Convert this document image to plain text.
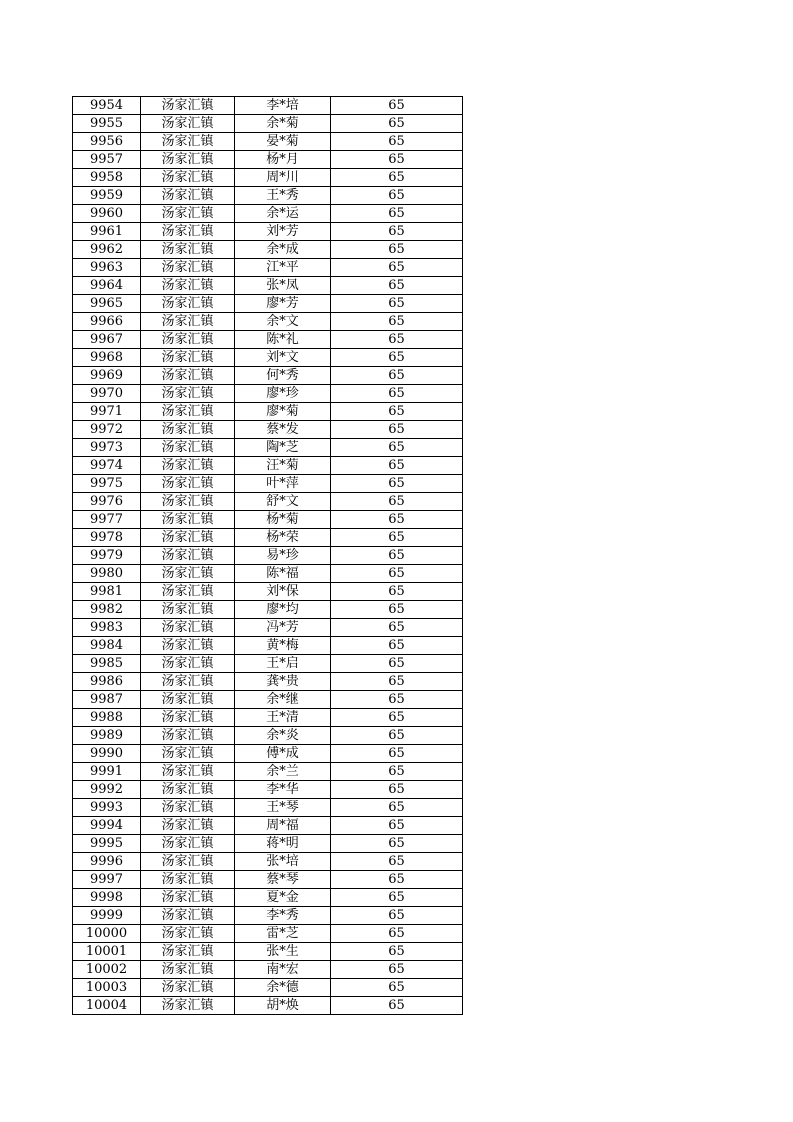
9954	汤家汇镇	李*培	65
9955	汤家汇镇	余*菊	65
9956	汤家汇镇	晏*菊	65
9957	汤家汇镇	杨*月	65
9958	汤家汇镇	周*川	65
9959	汤家汇镇	王*秀	65
9960	汤家汇镇	余*运	65
9961	汤家汇镇	刘*芳	65
9962	汤家汇镇	余*成	65
9963	汤家汇镇	江*平	65
9964	汤家汇镇	张*凤	65
9965	汤家汇镇	廖*芳	65
9966	汤家汇镇	余*文	65
9967	汤家汇镇	陈*礼	65
9968	汤家汇镇	刘*文	65
9969	汤家汇镇	何*秀	65
9970	汤家汇镇	廖*珍	65
9971	汤家汇镇	廖*菊	65
9972	汤家汇镇	蔡*发	65
9973	汤家汇镇	陶*芝	65
9974	汤家汇镇	汪*菊	65
9975	汤家汇镇	叶*萍	65
9976	汤家汇镇	舒*文	65
9977	汤家汇镇	杨*菊	65
9978	汤家汇镇	杨*荣	65
9979	汤家汇镇	易*珍	65
9980	汤家汇镇	陈*福	65
9981	汤家汇镇	刘*保	65
9982	汤家汇镇	廖*均	65
9983	汤家汇镇	冯*芳	65
9984	汤家汇镇	黄*梅	65
9985	汤家汇镇	王*启	65
9986	汤家汇镇	龚*贵	65
9987	汤家汇镇	余*继	65
9988	汤家汇镇	王*清	65
9989	汤家汇镇	余*炎	65
9990	汤家汇镇	傅*成	65
9991	汤家汇镇	余*兰	65
9992	汤家汇镇	李*华	65
9993	汤家汇镇	王*琴	65
9994	汤家汇镇	周*福	65
9995	汤家汇镇	蒋*明	65
9996	汤家汇镇	张*培	65
9997	汤家汇镇	蔡*琴	65
9998	汤家汇镇	夏*金	65
9999	汤家汇镇	李*秀	65
10000	汤家汇镇	雷*芝	65
10001	汤家汇镇	张*生	65
10002	汤家汇镇	南*宏	65
10003	汤家汇镇	余*德	65
10004	汤家汇镇	胡*焕	65
